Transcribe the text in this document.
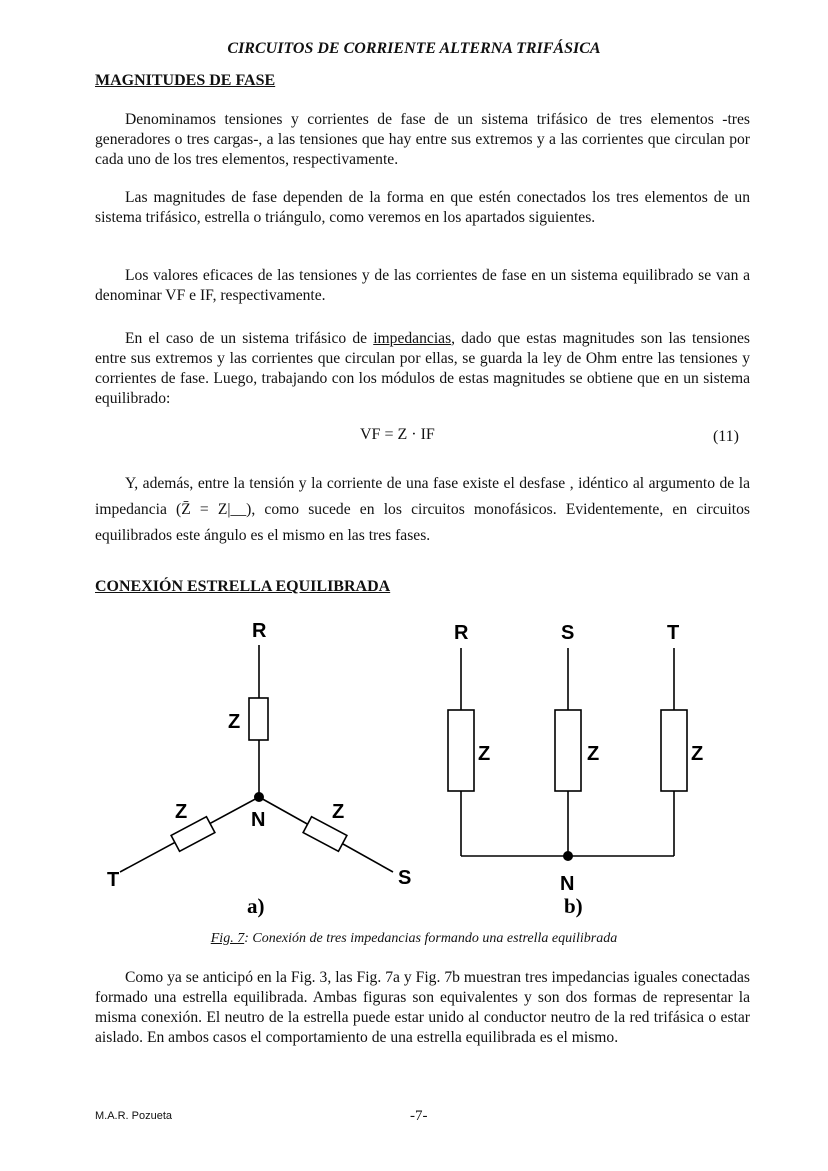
CIRCUITOS DE CORRIENTE ALTERNA TRIFÁSICA
MAGNITUDES DE FASE
Denominamos tensiones y corrientes de fase de un sistema trifásico de tres elementos -tres generadores o tres cargas-, a las tensiones que hay entre sus extremos y a las corrientes que circulan por cada uno de los tres elementos, respectivamente.
Las magnitudes de fase dependen de la forma en que estén conectados los tres elementos de un sistema trifásico, estrella o triángulo, como veremos en los apartados siguientes.
Los valores eficaces de las tensiones y de las corrientes de fase en un sistema equilibrado se van a denominar VF e IF, respectivamente.
En el caso de un sistema trifásico de impedancias, dado que estas magnitudes son las tensiones entre sus extremos y las corrientes que circulan por ellas, se guarda la ley de Ohm entre las tensiones y corrientes de fase. Luego, trabajando con los módulos de estas magnitudes se obtiene que en un sistema equilibrado:
VF = Z · IF	(11)
Y, además, entre la tensión y la corriente de una fase existe el desfase , idéntico al argumento de la impedancia (Z̄ = Z|__), como sucede en los circuitos monofásicos. Evidentemente, en circuitos equilibrados este ángulo es el mismo en las tres fases.
CONEXIÓN ESTRELLA EQUILIBRADA
R
Z
Z	Z
N
T	S
a)
R	S	T
Z	Z	Z
N
b)
Fig. 7: Conexión de tres impedancias formando una estrella equilibrada
Como ya se anticipó en la Fig. 3, las Fig. 7a y Fig. 7b muestran tres impedancias iguales conectadas formado una estrella equilibrada. Ambas figuras son equivalentes y son dos formas de representar la misma conexión. El neutro de la estrella puede estar unido al conductor neutro de la red trifásica o estar aislado. En ambos casos el comportamiento de una estrella equilibrada es el mismo.
M.A.R. Pozueta	-7-
